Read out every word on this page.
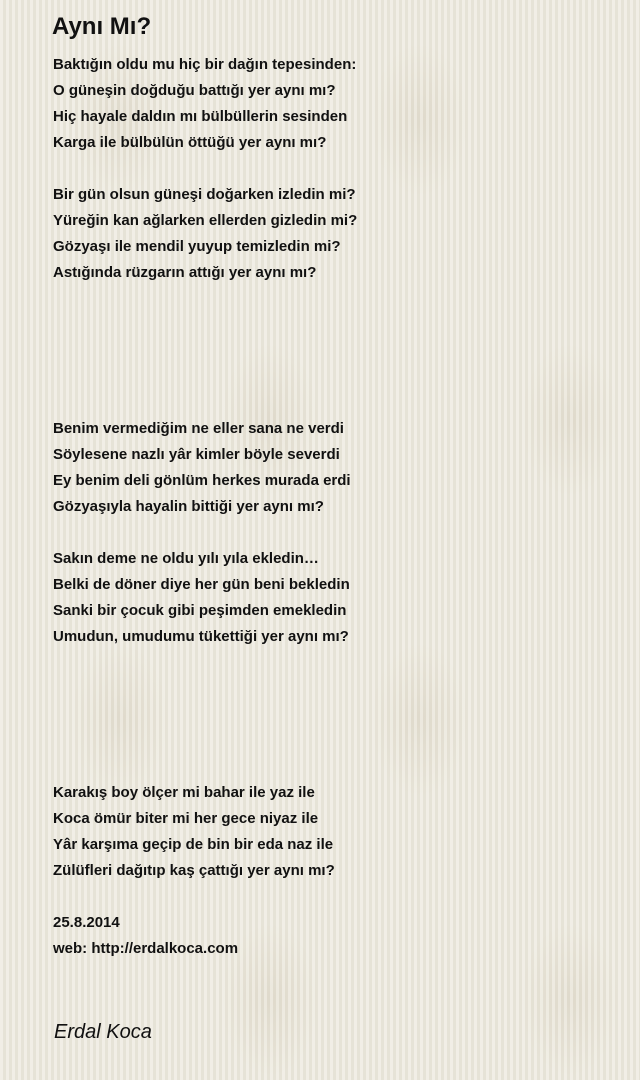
Aynı Mı?
Baktığın oldu mu hiç bir dağın tepesinden:
O güneşin doğduğu battığı yer aynı mı?
Hiç hayale daldın mı bülbüllerin sesinden
Karga ile bülbülün öttüğü yer aynı mı?
Bir gün olsun güneşi doğarken izledin mi?
Yüreğin kan ağlarken ellerden gizledin mi?
Gözyaşı ile mendil yuyup temizledin mi?
Astığında rüzgarın attığı yer aynı mı?
Benim vermediğim ne eller sana ne verdi
Söylesene nazlı yâr kimler böyle severdi
Ey benim deli gönlüm herkes murada erdi
Gözyaşıyla hayalin bittiği yer aynı mı?
Sakın deme ne oldu yılı yıla ekledin…
Belki de döner diye her gün beni bekledin
Sanki bir çocuk gibi peşimden emekledin
Umudun, umudumu tükettiği yer aynı mı?
Karakış boy ölçer mi bahar ile yaz ile
Koca ömür biter mi her gece niyaz ile
Yâr karşıma geçip de bin bir eda naz ile
Zülüfleri dağıtıp kaş çattığı yer aynı mı?
25.8.2014
web: http://erdalkoca.com
Erdal Koca
